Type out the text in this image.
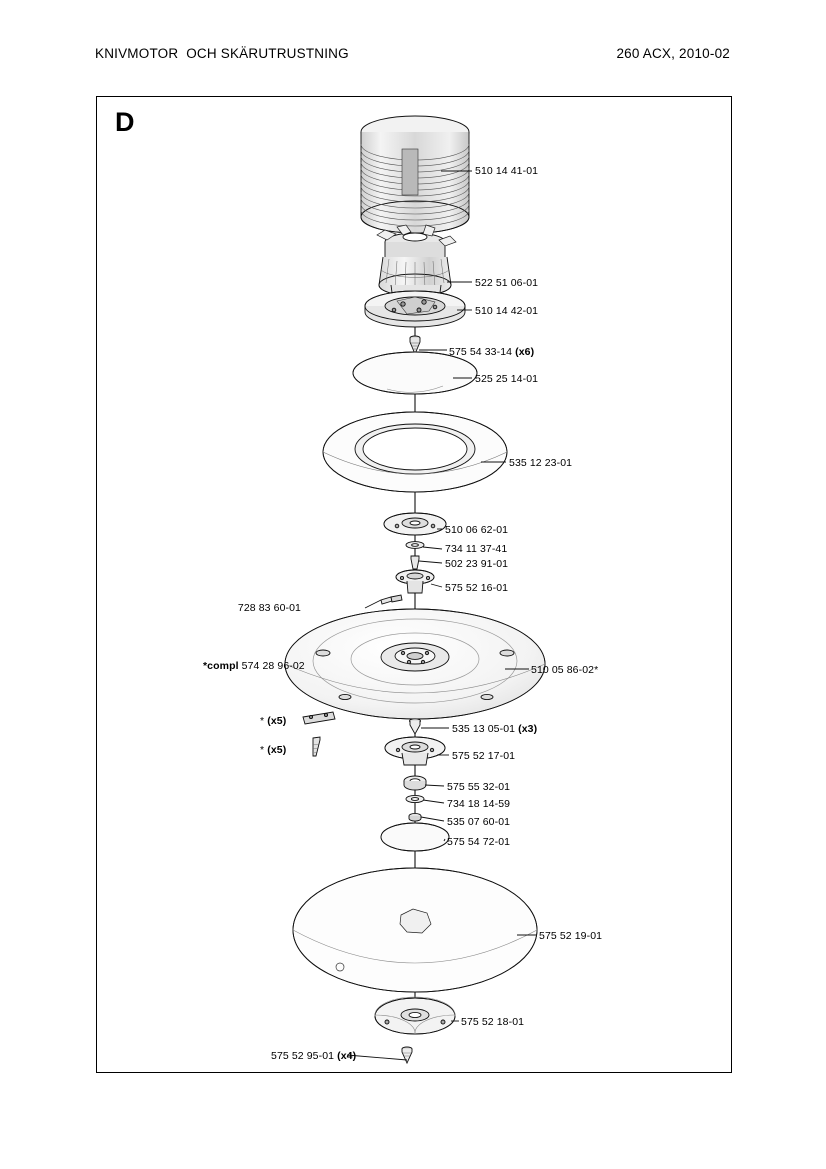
KNIVMOTOR  OCH SKÄRUTRUSTNING	260 ACX, 2010-02
D
510 14 41-01
522 51 06-01
510 14 42-01
575 54 33-14 (x6)
525 25 14-01
535 12 23-01
510 06 62-01
734 11 37-41
502 23 91-01
575 52 16-01
728 83 60-01
510 05 86-02*
535 13 05-01 (x3)
575 52 17-01
575 55 32-01
734 18 14-59
535 07 60-01
575 54 72-01
575 52 19-01
575 52 18-01
575 52 95-01 (x4)
*compl 574 28 96-02
* (x5)
* (x5)
